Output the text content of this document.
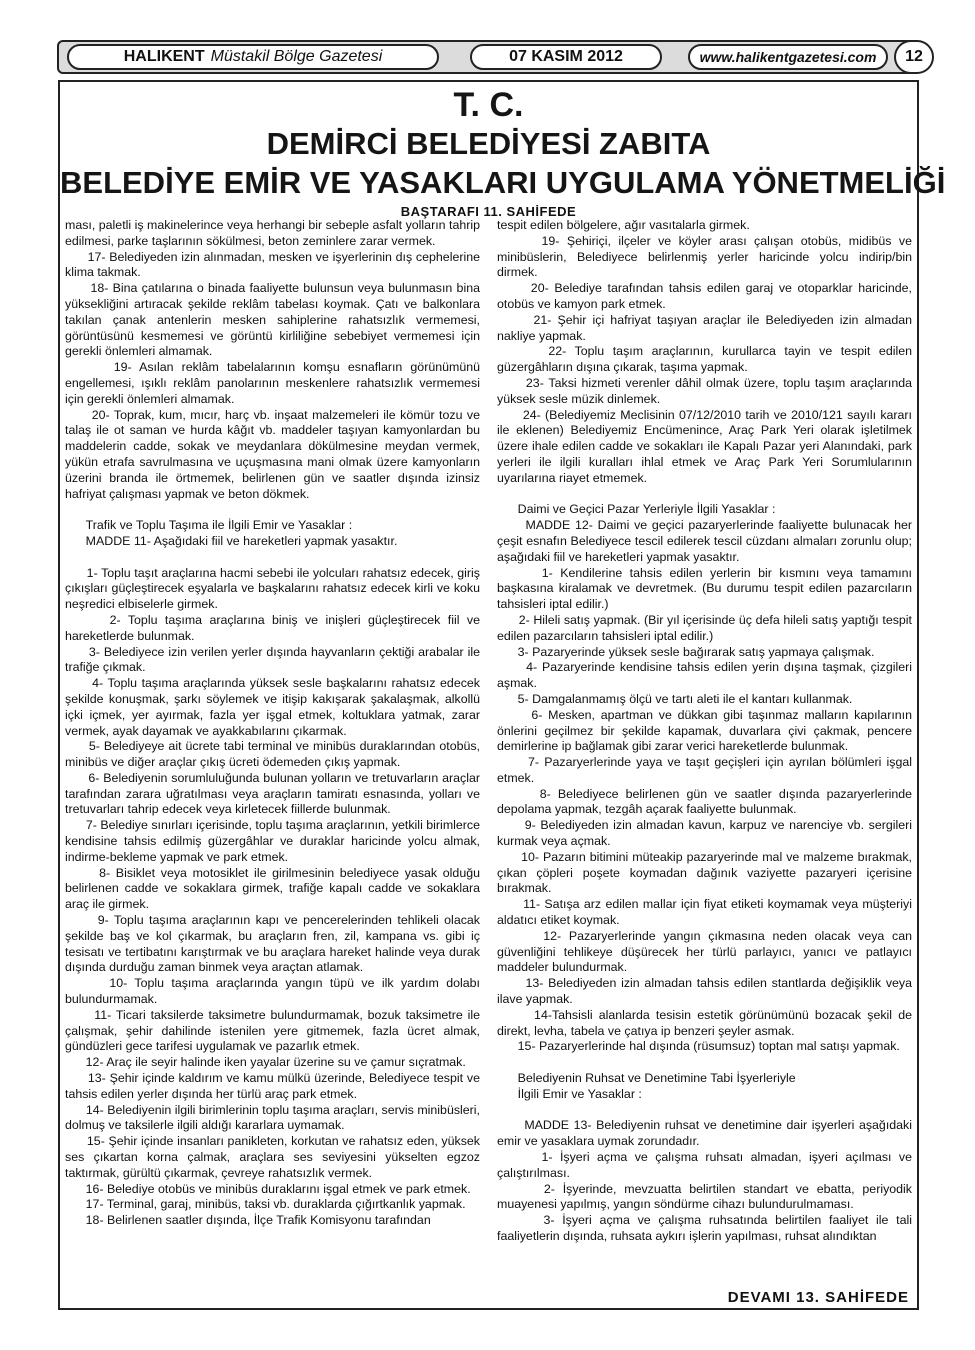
HALIKENT Müstakil Bölge Gazetesi	07 KASIM 2012	www.halikentgazetesi.com	12
T. C.
DEMİRCİ BELEDİYESİ ZABITA
BELEDİYE EMİR VE YASAKLARI UYGULAMA YÖNETMELİĞİ
BAŞTARAFI 11. SAHİFEDE
ması, paletli iş makinelerince veya herhangi bir sebeple asfalt yolların tahrip edilmesi, parke taşlarının sökülmesi, beton zeminlere zarar vermek.
17- Belediyeden izin alınmadan, mesken ve işyerlerinin dış cephelerine klima takmak.
18- Bina çatılarına o binada faaliyette bulunsun veya bulunmasın bina yüksekliğini artıracak şekilde reklâm tabelası koymak. Çatı ve balkonlara takılan çanak antenlerin mesken sahiplerine rahatsızlık vermemesi, görüntüsünü kesmemesi ve görüntü kirliliğine sebebiyet vermemesi için gerekli önlemleri almamak.
19- Asılan reklâm tabelalarının komşu esnafların görünümünü engellemesi, ışıklı reklâm panolarının meskenlere rahatsızlık vermemesi için gerekli önlemleri almamak.
20- Toprak, kum, mıcır, harç vb. inşaat malzemeleri ile kömür tozu ve talaş ile ot saman ve hurda kâğıt vb. maddeler taşıyan kamyonlardan bu maddelerin cadde, sokak ve meydanlara dökülmesine meydan vermek, yükün etrafa savrulmasına ve uçuşmasına mani olmak üzere kamyonların üzerini branda ile örtmemek, belirlenen gün ve saatler dışında izinsiz hafriyat çalışması yapmak ve beton dökmek.

Trafik ve Toplu Taşıma ile İlgili Emir ve Yasaklar :
MADDE 11- Aşağıdaki fiil ve hareketleri yapmak yasaktır.

1- Toplu taşıt araçlarına hacmi sebebi ile yolcuları rahatsız edecek, giriş çıkışları güçleştirecek eşyalarla ve başkalarını rahatsız edecek kirli ve koku neşredici elbiselerle girmek.
2- Toplu taşıma araçlarına biniş ve inişleri güçleştirecek fiil ve hareketlerde bulunmak.
3- Belediyece izin verilen yerler dışında hayvanların çektiği arabalar ile trafiğe çıkmak.
4- Toplu taşıma araçlarında yüksek sesle başkalarını rahatsız edecek şekilde konuşmak, şarkı söylemek ve itişip kakışarak şakalaşmak, alkollü içki içmek, yer ayırmak, fazla yer işgal etmek, koltuklara yatmak, zarar vermek, ayak dayamak ve ayakkabılarını çıkarmak.
5- Belediyeye ait ücrete tabi terminal ve minibüs duraklarından otobüs, minibüs ve diğer araçlar çıkış ücreti ödemeden çıkış yapmak.
6- Belediyenin sorumluluğunda bulunan yolların ve tretuvarların araçlar tarafından zarara uğratılması veya araçların tamiratı esnasında, yolları ve tretuvarları tahrip edecek veya kirletecek fiillerde bulunmak.
7- Belediye sınırları içerisinde, toplu taşıma araçlarının, yetkili birimlerce kendisine tahsis edilmiş güzergâhlar ve duraklar haricinde yolcu almak, indirme-bekleme yapmak ve park etmek.
8- Bisiklet veya motosiklet ile girilmesinin belediyece yasak olduğu belirlenen cadde ve sokaklara girmek, trafiğe kapalı cadde ve sokaklara araç ile girmek.
9- Toplu taşıma araçlarının kapı ve pencerelerinden tehlikeli olacak şekilde baş ve kol çıkarmak, bu araçların fren, zil, kampana vs. gibi iç tesisatı ve tertibatını karıştırmak ve bu araçlara hareket halinde veya durak dışında durduğu zaman binmek veya araçtan atlamak.
10- Toplu taşıma araçlarında yangın tüpü ve ilk yardım dolabı bulundurmamak.
11- Ticari taksilerde taksimetre bulundurmamak, bozuk taksimetre ile çalışmak, şehir dahilinde istenilen yere gitmemek, fazla ücret almak, gündüzleri gece tarifesi uygulamak ve pazarlık etmek.
12- Araç ile seyir halinde iken yayalar üzerine su ve çamur sıçratmak.
13- Şehir içinde kaldırım ve kamu mülkü üzerinde, Belediyece tespit ve tahsis edilen yerler dışında her türlü araç park etmek.
14- Belediyenin ilgili birimlerinin toplu taşıma araçları, servis minibüsleri, dolmuş ve taksilerle ilgili aldığı kararlara uymamak.
15- Şehir içinde insanları panikleten, korkutan ve rahatsız eden, yüksek ses çıkartan korna çalmak, araçlara ses seviyesini yükselten egzoz taktırmak, gürültü çıkarmak, çevreye rahatsızlık vermek.
16- Belediye otobüs ve minibüs duraklarını işgal etmek ve park etmek.
17- Terminal, garaj, minibüs, taksi vb. duraklarda çığırtkanlık yapmak.
18- Belirlenen saatler dışında, İlçe Trafik Komisyonu tarafından
tespit edilen bölgelere, ağır vasıtalarla girmek.
19- Şehiriçi, ilçeler ve köyler arası çalışan otobüs, midibüs ve minibüslerin, Belediyece belirlenmiş yerler haricinde yolcu indirip/bin dirmek.
20- Belediye tarafından tahsis edilen garaj ve otoparklar haricinde, otobüs ve kamyon park etmek.
21- Şehir içi hafriyat taşıyan araçlar ile Belediyeden izin almadan nakliye yapmak.
22- Toplu taşım araçlarının, kurullarca tayin ve tespit edilen güzergâhların dışına çıkarak, taşıma yapmak.
23- Taksi hizmeti verenler dâhil olmak üzere, toplu taşım araçlarında yüksek sesle müzik dinlemek.
24- (Belediyemiz Meclisinin 07/12/2010 tarih ve 2010/121 sayılı kararı ile eklenen) Belediyemiz Encümenince, Araç Park Yeri olarak işletilmek üzere ihale edilen cadde ve sokakları ile Kapalı Pazar yeri Alanındaki, park yerleri ile ilgili kuralları ihlal etmek ve Araç Park Yeri Sorumlularının uyarılarına riayet etmemek.

Daimi ve Geçici Pazar Yerleriyle İlgili Yasaklar :
MADDE 12- Daimi ve geçici pazaryerlerinde faaliyette bulunacak her çeşit esnafın Belediyece tescil edilerek tescil cüzdanı almaları zorunlu olup; aşağıdaki fiil ve hareketleri yapmak yasaktır.
1- Kendilerine tahsis edilen yerlerin bir kısmını veya tamamını başkasına kiralamak ve devretmek. (Bu durumu tespit edilen pazarcıların tahsisleri iptal edilir.)
2- Hileli satış yapmak. (Bir yıl içerisinde üç defa hileli satış yaptığı tespit edilen pazarcıların tahsisleri iptal edilir.)
3- Pazaryerinde yüksek sesle bağırarak satış yapmaya çalışmak.
4- Pazaryerinde kendisine tahsis edilen yerin dışına taşmak, çizgileri aşmak.
5- Damgalanmamış ölçü ve tartı aleti ile el kantarı kullanmak.
6- Mesken, apartman ve dükkan gibi taşınmaz malların kapılarının önlerini geçilmez bir şekilde kapamak, duvarlara çivi çakmak, pencere demirlerine ip bağlamak gibi zarar verici hareketlerde bulunmak.
7- Pazaryerlerinde yaya ve taşıt geçişleri için ayrılan bölümleri işgal etmek.
8- Belediyece belirlenen gün ve saatler dışında pazaryerlerinde depolama yapmak, tezgâh açarak faaliyette bulunmak.
9- Belediyeden izin almadan kavun, karpuz ve narenciye vb. sergileri kurmak veya açmak.
10- Pazarın bitimini müteakip pazaryerinde mal ve malzeme bırakmak, çıkan çöpleri poşete koymadan dağınık vaziyette pazaryeri içerisine bırakmak.
11- Satışa arz edilen mallar için fiyat etiketi koymamak veya müşteriyi aldatıcı etiket koymak.
12- Pazaryerlerinde yangın çıkmasına neden olacak veya can güvenliğini tehlikeye düşürecek her türlü parlayıcı, yanıcı ve patlayıcı maddeler bulundurmak.
13- Belediyeden izin almadan tahsis edilen stantlarda değişiklik veya ilave yapmak.
14-Tahsisli alanlarda tesisin estetik görünümünü bozacak şekil de direkt, levha, tabela ve çatıya ip benzeri şeyler asmak.
15- Pazaryerlerinde hal dışında (rüsumsuz) toptan mal satışı yapmak.

Belediyenin Ruhsat ve Denetimine Tabi İşyerleriyle
İlgili Emir ve Yasaklar :

MADDE 13- Belediyenin ruhsat ve denetimine dair işyerleri aşağıdaki emir ve yasaklara uymak zorundadır.
1- İşyeri açma ve çalışma ruhsatı almadan, işyeri açılması ve çalıştırılması.
2- İşyerinde, mevzuatta belirtilen standart ve ebatta, periyodik muayenesi yapılmış, yangın söndürme cihazı bulundurulmaması.
3- İşyeri açma ve çalışma ruhsatında belirtilen faaliyet ile tali faaliyetlerin dışında, ruhsata aykırı işlerin yapılması, ruhsat alındıktan
DEVAMI 13. SAHİFEDE
